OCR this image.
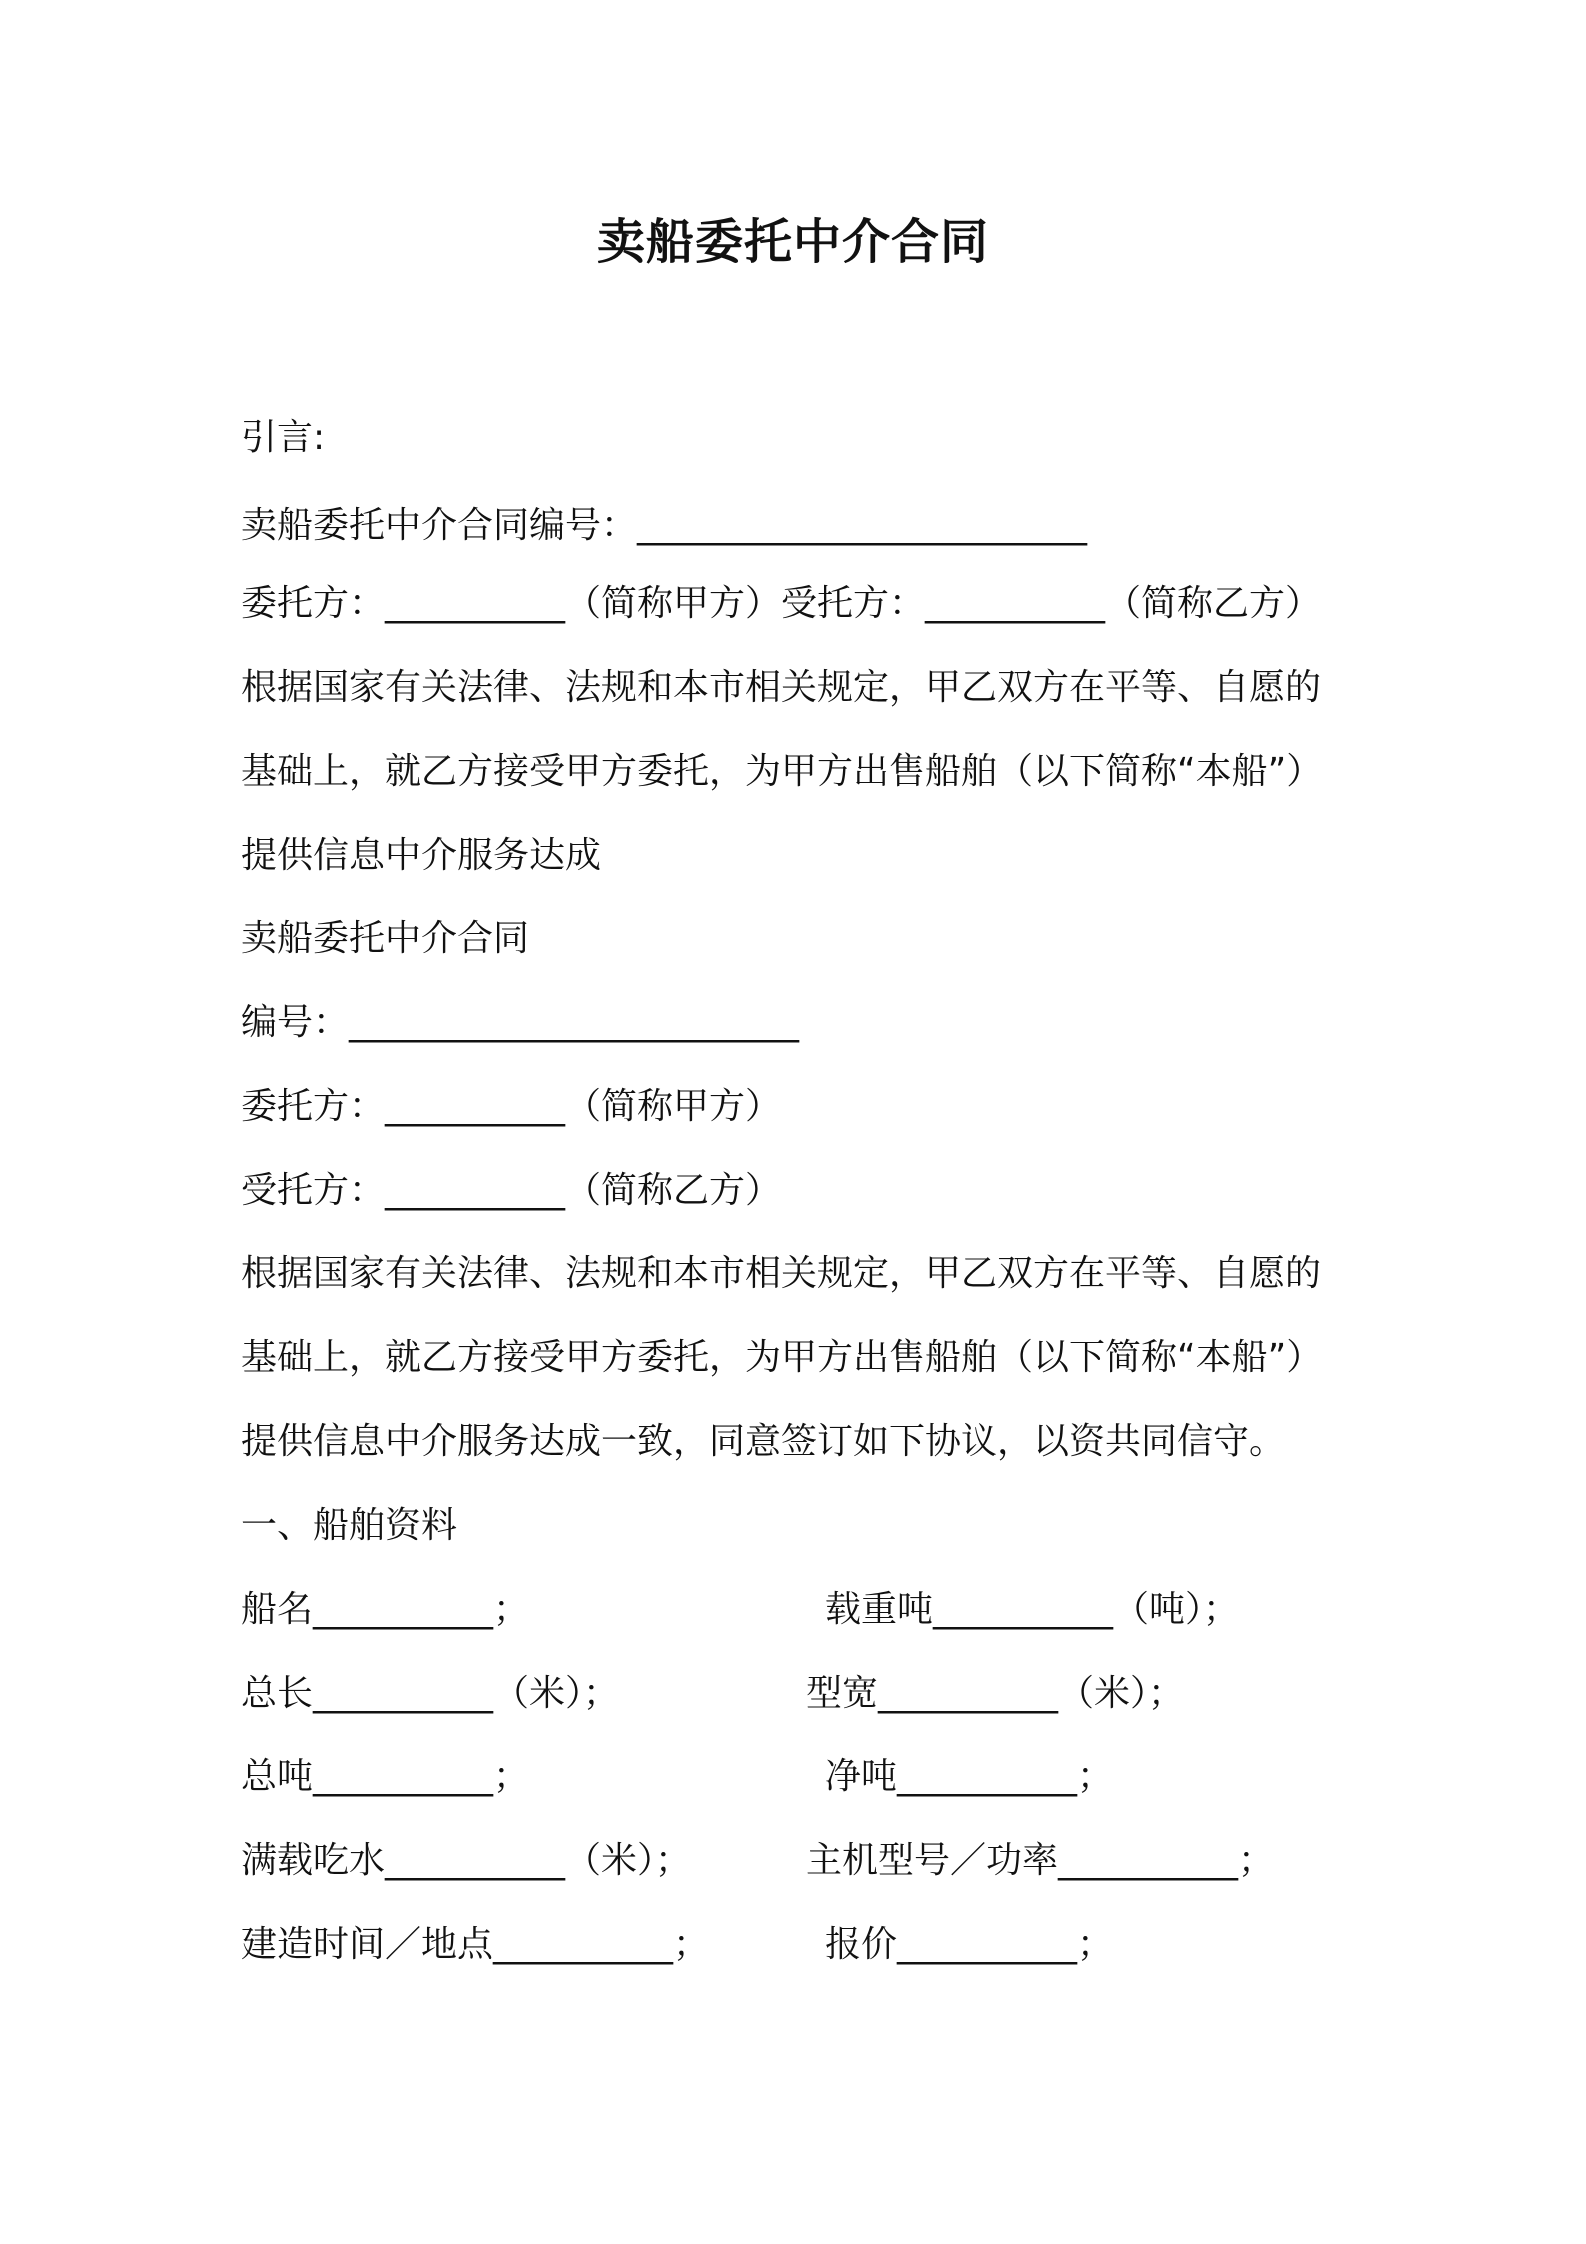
卖船委托中介合同
引言:
卖船委托中介合同编号：_________________________
委托方：__________（简称甲方）受托方：__________（简称乙方）
根据国家有关法律、法规和本市相关规定，甲乙双方在平等、自愿的
基础上，就乙方接受甲方委托，为甲方出售船舶（以下简称“本船”）
提供信息中介服务达成
卖船委托中介合同
编号：_________________________
委托方：__________（简称甲方）
受托方：__________（简称乙方）
根据国家有关法律、法规和本市相关规定，甲乙双方在平等、自愿的
基础上，就乙方接受甲方委托，为甲方出售船舶（以下简称“本船”）
提供信息中介服务达成一致，同意签订如下协议，以资共同信守。
一、船舶资料
船名__________；	载重吨__________（吨）；
总长__________（米）；	型宽__________（米）；
总吨__________；	净吨__________；
满载吃水__________（米）；	主机型号／功率__________；
建造时间／地点__________；	报价__________；
